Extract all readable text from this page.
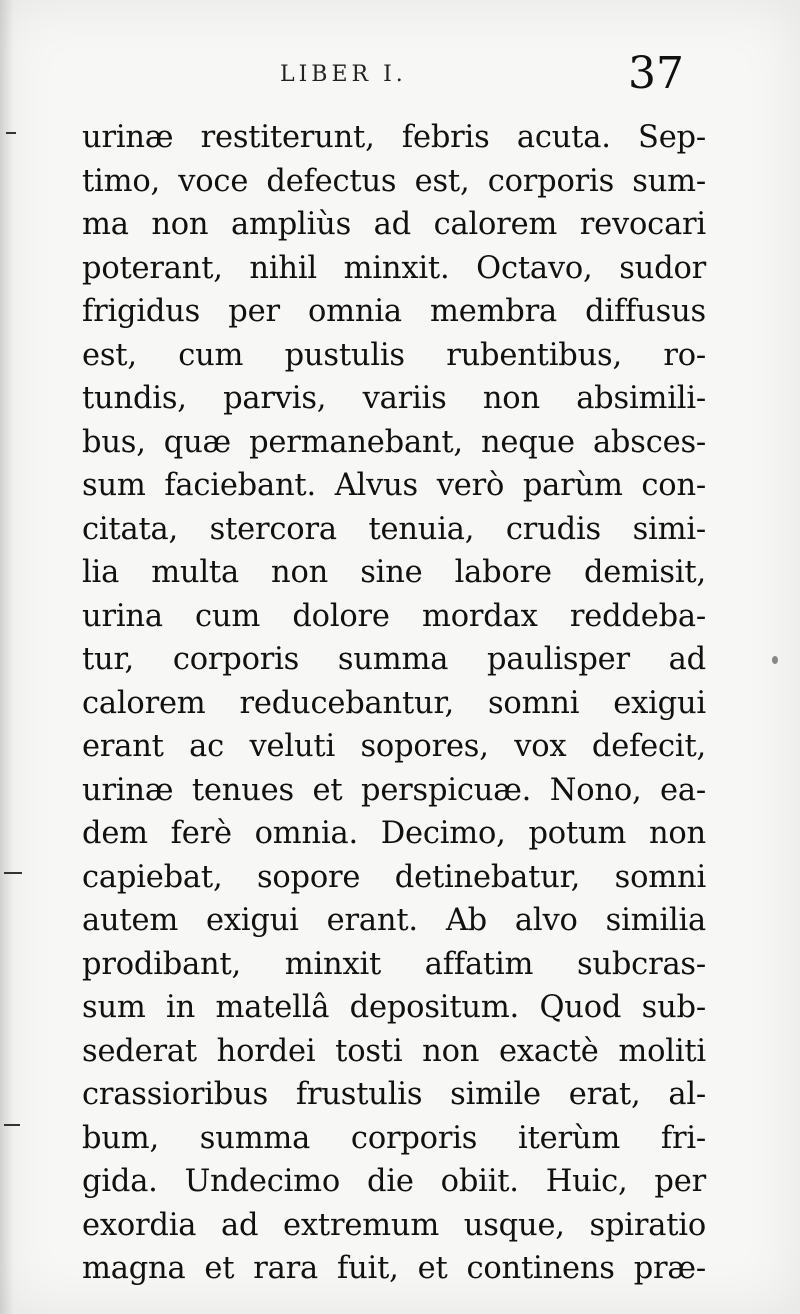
LIBER I.	37
urinæ restiterunt, febris acuta. Sep-
timo, voce defectus est, corporis sum-
ma non ampliùs ad calorem revocari
poterant, nihil minxit. Octavo, sudor
frigidus per omnia membra diffusus
est, cum pustulis rubentibus, ro-
tundis, parvis, variis non absimili-
bus, quæ permanebant, neque absces-
sum faciebant. Alvus verò parùm con-
citata, stercora tenuia, crudis simi-
lia multa non sine labore demisit,
urina cum dolore mordax reddeba-
tur, corporis summa paulisper ad
calorem reducebantur, somni exigui
erant ac veluti sopores, vox defecit,
urinæ tenues et perspicuæ. Nono, ea-
dem ferè omnia. Decimo, potum non
capiebat, sopore detinebatur, somni
autem exigui erant. Ab alvo similia
prodibant, minxit affatim subcras-
sum in matellâ depositum. Quod sub-
sederat hordei tosti non exactè moliti
crassioribus frustulis simile erat, al-
bum, summa corporis iterùm fri-
gida. Undecimo die obiit. Huic, per
exordia ad extremum usque, spiratio
magna et rara fuit, et continens præ-
